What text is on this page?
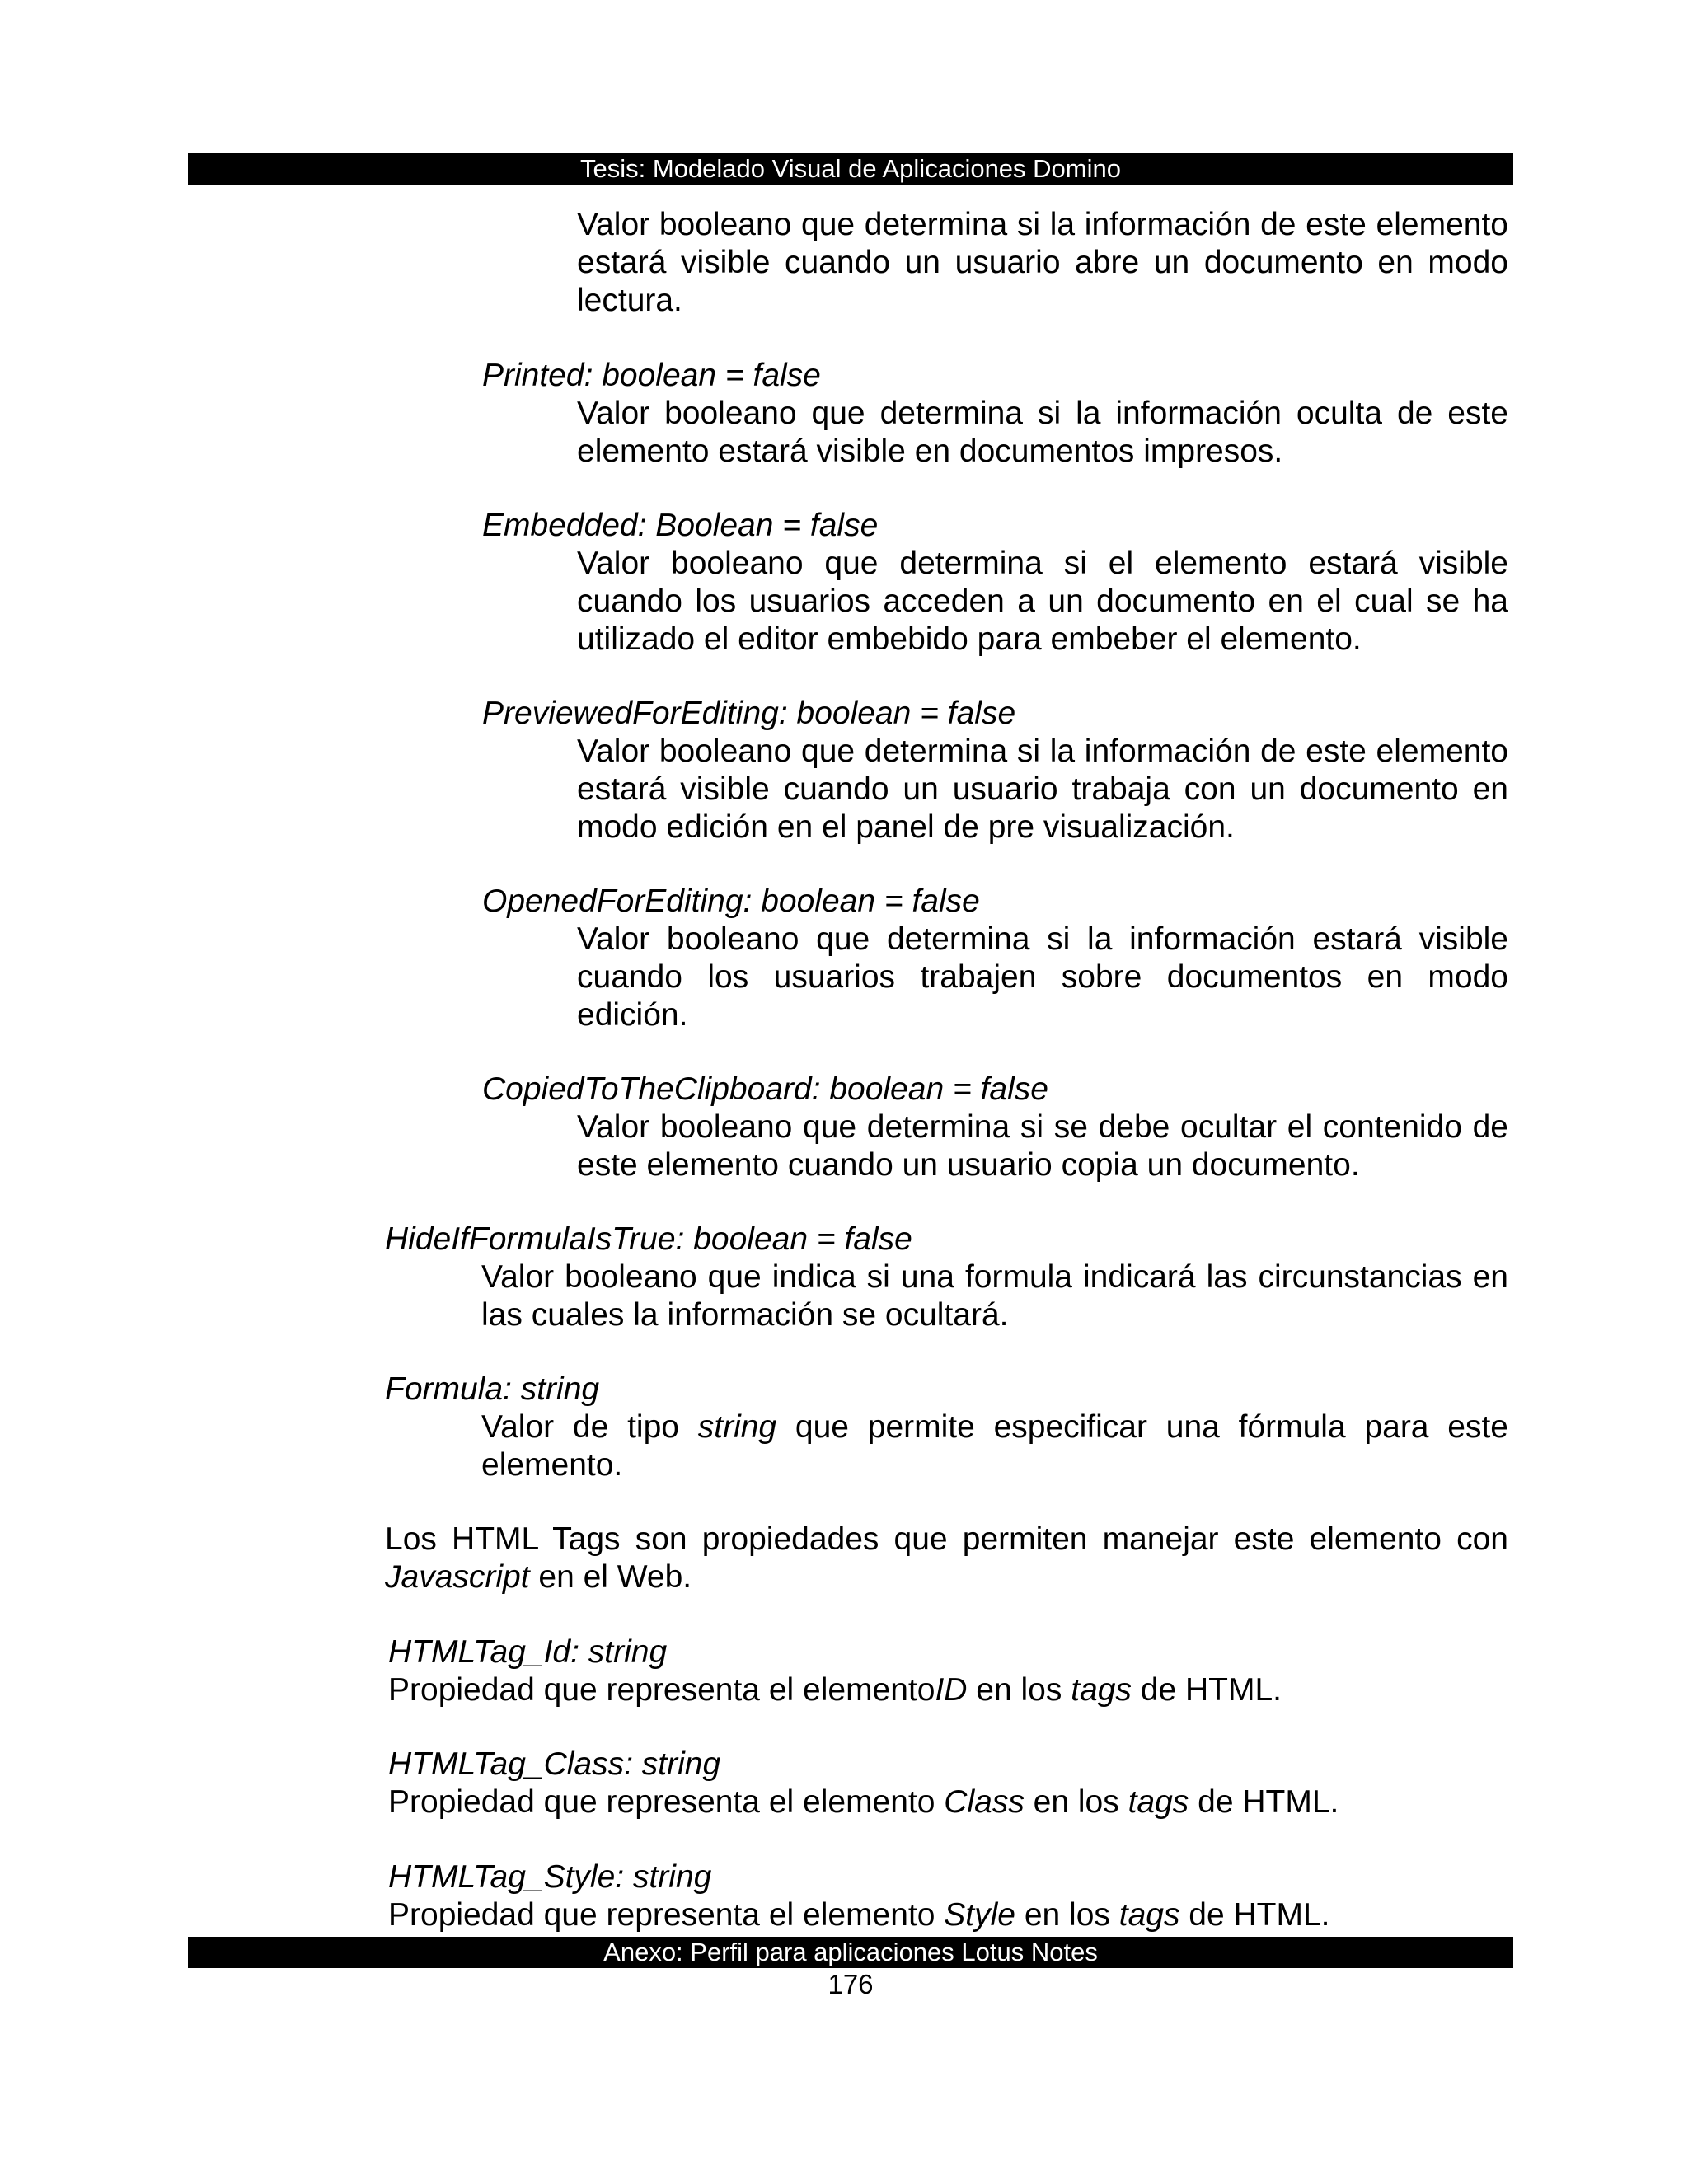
Tesis: Modelado Visual de Aplicaciones Domino
Valor booleano que determina si la información de este elemento estará visible cuando un usuario abre un documento en modo lectura.
Printed: boolean = false
Valor booleano que determina si la información oculta de este elemento estará visible en documentos impresos.
Embedded: Boolean = false
Valor booleano que determina si el elemento estará visible cuando los usuarios acceden a un documento en el cual se ha utilizado el editor embebido para embeber el elemento.
PreviewedForEditing: boolean = false
Valor booleano que determina si la información de este elemento estará visible cuando un usuario trabaja con un documento en modo edición en el panel de pre visualización.
OpenedForEditing: boolean = false
Valor booleano que determina si la información estará visible cuando los usuarios trabajen sobre documentos en modo edición.
CopiedToTheClipboard: boolean = false
Valor booleano que determina si se debe ocultar el contenido de este elemento cuando un usuario copia un documento.
HideIfFormulaIsTrue: boolean = false
Valor booleano que indica si una formula indicará las circunstancias en las cuales la información se ocultará.
Formula: string
Valor de tipo string que permite especificar una fórmula para este elemento.
Los HTML Tags son propiedades que permiten manejar este elemento con Javascript en el Web.
HTMLTag_Id: string
Propiedad que representa el elementoID en los tags de HTML.
HTMLTag_Class: string
Propiedad que representa el elemento Class en los tags de HTML.
HTMLTag_Style: string
Propiedad que representa el elemento Style en los tags de HTML.
Anexo: Perfil para aplicaciones Lotus Notes
176
